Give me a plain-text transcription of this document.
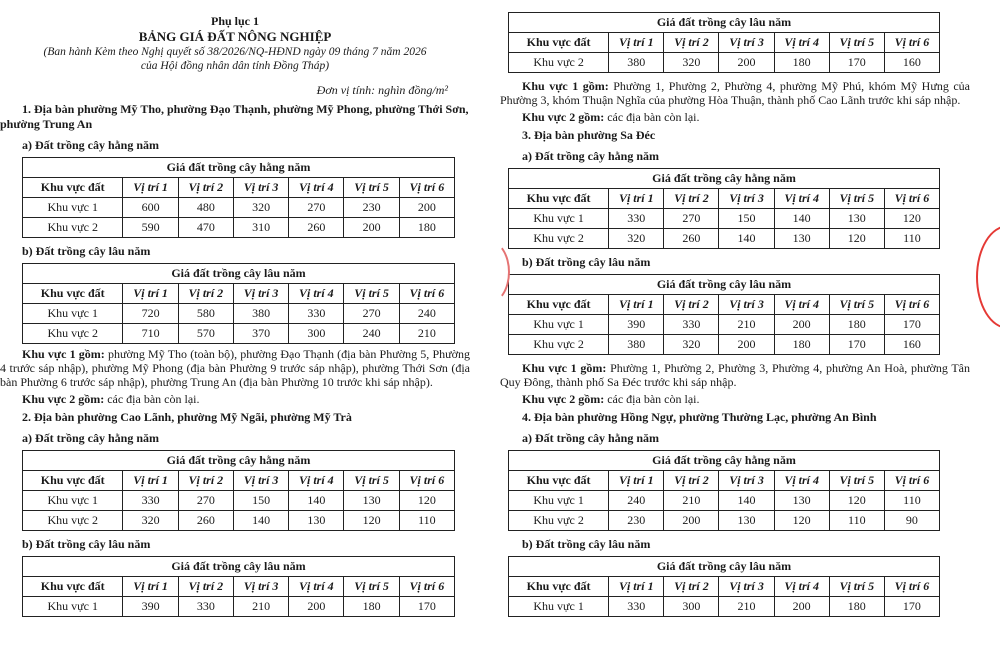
Phụ lục 1
BẢNG GIÁ ĐẤT NÔNG NGHIỆP
(Ban hành Kèm theo Nghị quyết số 38/2026/NQ-HĐND ngày 09 tháng 7 năm 2026
của Hội đồng nhân dân tỉnh Đồng Tháp)
Đơn vị tính: nghìn đồng/m²

1. Địa bàn phường Mỹ Tho, phường Đạo Thạnh, phường Mỹ Phong, phường Thới Sơn, phường Trung An

a) Đất trồng cây hằng năm
Giá đất trồng cây hằng năm						
Khu vực đất	Vị trí 1	Vị trí 2	Vị trí 3	Vị trí 4	Vị trí 5	Vị trí 6
Khu vực 1	600	480	320	270	230	200
Khu vực 2	590	470	310	260	200	180
b) Đất trồng cây lâu năm
Giá đất trồng cây lâu năm						
Khu vực đất	Vị trí 1	Vị trí 2	Vị trí 3	Vị trí 4	Vị trí 5	Vị trí 6
Khu vực 1	720	580	380	330	270	240
Khu vực 2	710	570	370	300	240	210

Khu vực 1 gồm: phường Mỹ Tho (toàn bộ), phường Đạo Thạnh (địa bàn Phường 5, Phường 4 trước sáp nhập), phường Mỹ Phong (địa bàn Phường 9 trước sáp nhập), phường Thới Sơn (địa bàn Phường 6 trước sáp nhập), phường Trung An (địa bàn Phường 10 trước khi sáp nhập).

Khu vực 2 gồm: các địa bàn còn lại.

2. Địa bàn phường Cao Lãnh, phường Mỹ Ngãi, phường Mỹ Trà

a) Đất trồng cây hằng năm
Giá đất trồng cây hằng năm						
Khu vực đất	Vị trí 1	Vị trí 2	Vị trí 3	Vị trí 4	Vị trí 5	Vị trí 6
Khu vực 1	330	270	150	140	130	120
Khu vực 2	320	260	140	130	120	110
b) Đất trồng cây lâu năm
Giá đất trồng cây lâu năm						
Khu vực đất	Vị trí 1	Vị trí 2	Vị trí 3	Vị trí 4	Vị trí 5	Vị trí 6
Khu vực 1	390	330	210	200	180	170
Giá đất trồng cây lâu năm						
Khu vực đất	Vị trí 1	Vị trí 2	Vị trí 3	Vị trí 4	Vị trí 5	Vị trí 6
Khu vực 2	380	320	200	180	170	160

Khu vực 1 gồm: Phường 1, Phường 2, Phường 4, phường Mỹ Phú, khóm Mỹ Hưng của Phường 3, khóm Thuận Nghĩa của phường Hòa Thuận, thành phố Cao Lãnh trước khi sáp nhập.

Khu vực 2 gồm: các địa bàn còn lại.

3. Địa bàn phường Sa Đéc

a) Đất trồng cây hằng năm
Giá đất trồng cây hằng năm						
Khu vực đất	Vị trí 1	Vị trí 2	Vị trí 3	Vị trí 4	Vị trí 5	Vị trí 6
Khu vực 1	330	270	150	140	130	120
Khu vực 2	320	260	140	130	120	110
b) Đất trồng cây lâu năm
Giá đất trồng cây lâu năm						
Khu vực đất	Vị trí 1	Vị trí 2	Vị trí 3	Vị trí 4	Vị trí 5	Vị trí 6
Khu vực 1	390	330	210	200	180	170
Khu vực 2	380	320	200	180	170	160

Khu vực 1 gồm: Phường 1, Phường 2, Phường 3, Phường 4, phường An Hoà, phường Tân Quy Đông, thành phố Sa Đéc trước khi sáp nhập.

Khu vực 2 gồm: các địa bàn còn lại.

4. Địa bàn phường Hồng Ngự, phường Thường Lạc, phường An Bình

a) Đất trồng cây hằng năm
Giá đất trồng cây hằng năm						
Khu vực đất	Vị trí 1	Vị trí 2	Vị trí 3	Vị trí 4	Vị trí 5	Vị trí 6
Khu vực 1	240	210	140	130	120	110
Khu vực 2	230	200	130	120	110	90
b) Đất trồng cây lâu năm
Giá đất trồng cây lâu năm						
Khu vực đất	Vị trí 1	Vị trí 2	Vị trí 3	Vị trí 4	Vị trí 5	Vị trí 6
Khu vực 1	330	300	210	200	180	170
